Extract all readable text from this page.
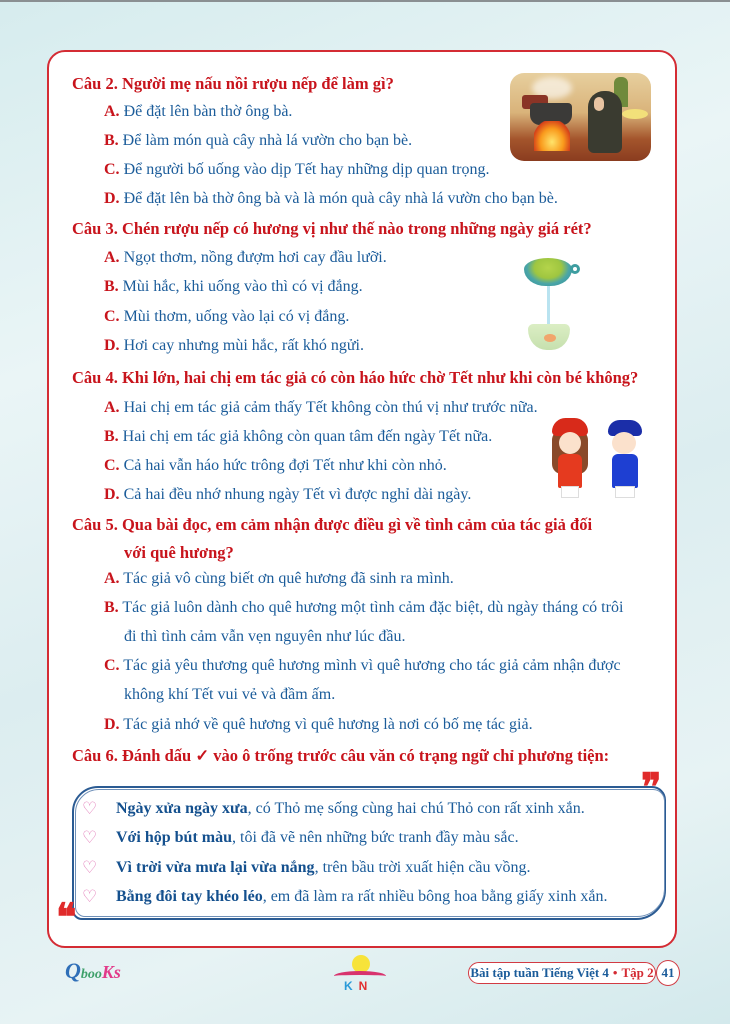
Câu 2. Người mẹ nấu nồi rượu nếp để làm gì?
A. Để đặt lên bàn thờ ông bà.
B. Để làm món quà cây nhà lá vườn cho bạn bè.
C. Để người bố uống vào dịp Tết hay những dịp quan trọng.
D. Để đặt lên bà thờ ông bà và là món quà cây nhà lá vườn cho bạn bè.
Câu 3. Chén rượu nếp có hương vị như thế nào trong những ngày giá rét?
A. Ngọt thơm, nồng đượm hơi cay đầu lưỡi.
B. Mùi hắc, khi uống vào thì có vị đắng.
C. Mùi thơm, uống vào lại có vị đắng.
D. Hơi cay nhưng mùi hắc, rất khó ngửi.
Câu 4. Khi lớn, hai chị em tác giả có còn háo hức chờ Tết như khi còn bé không?
A. Hai chị em tác giả cảm thấy Tết không còn thú vị như trước nữa.
B. Hai chị em tác giả không còn quan tâm đến ngày Tết nữa.
C. Cả hai vẫn háo hức trông đợi Tết như khi còn nhỏ.
D. Cả hai đều nhớ nhung ngày Tết vì được nghỉ dài ngày.
Câu 5. Qua bài đọc, em cảm nhận được điều gì về tình cảm của tác giả đối
với quê hương?
A. Tác giả vô cùng biết ơn quê hương đã sinh ra mình.
B. Tác giả luôn dành cho quê hương một tình cảm đặc biệt, dù ngày tháng có trôi
đi thì tình cảm vẫn vẹn nguyên như lúc đầu.
C. Tác giả yêu thương quê hương mình vì quê hương cho tác giả cảm nhận được
không khí Tết vui vẻ và đầm ấm.
D. Tác giả nhớ về quê hương vì quê hương là nơi có bố mẹ tác giả.
Câu 6. Đánh dấu ✓ vào ô trống trước câu văn có trạng ngữ chỉ phương tiện:
❞
❝
♡	Ngày xửa ngày xưa , có Thỏ mẹ sống cùng hai chú Thỏ con rất xinh xắn.
♡	Với hộp bút màu , tôi đã vẽ nên những bức tranh đầy màu sắc.
♡	Vì trời vừa mưa lại vừa nắng , trên bầu trời xuất hiện cầu vồng.
♡	Bằng đôi tay khéo léo , em đã làm ra rất nhiều bông hoa bằng giấy xinh xắn.
QbooKs
KN
Bài tập tuần Tiếng Việt 4 • Tập 2 41
